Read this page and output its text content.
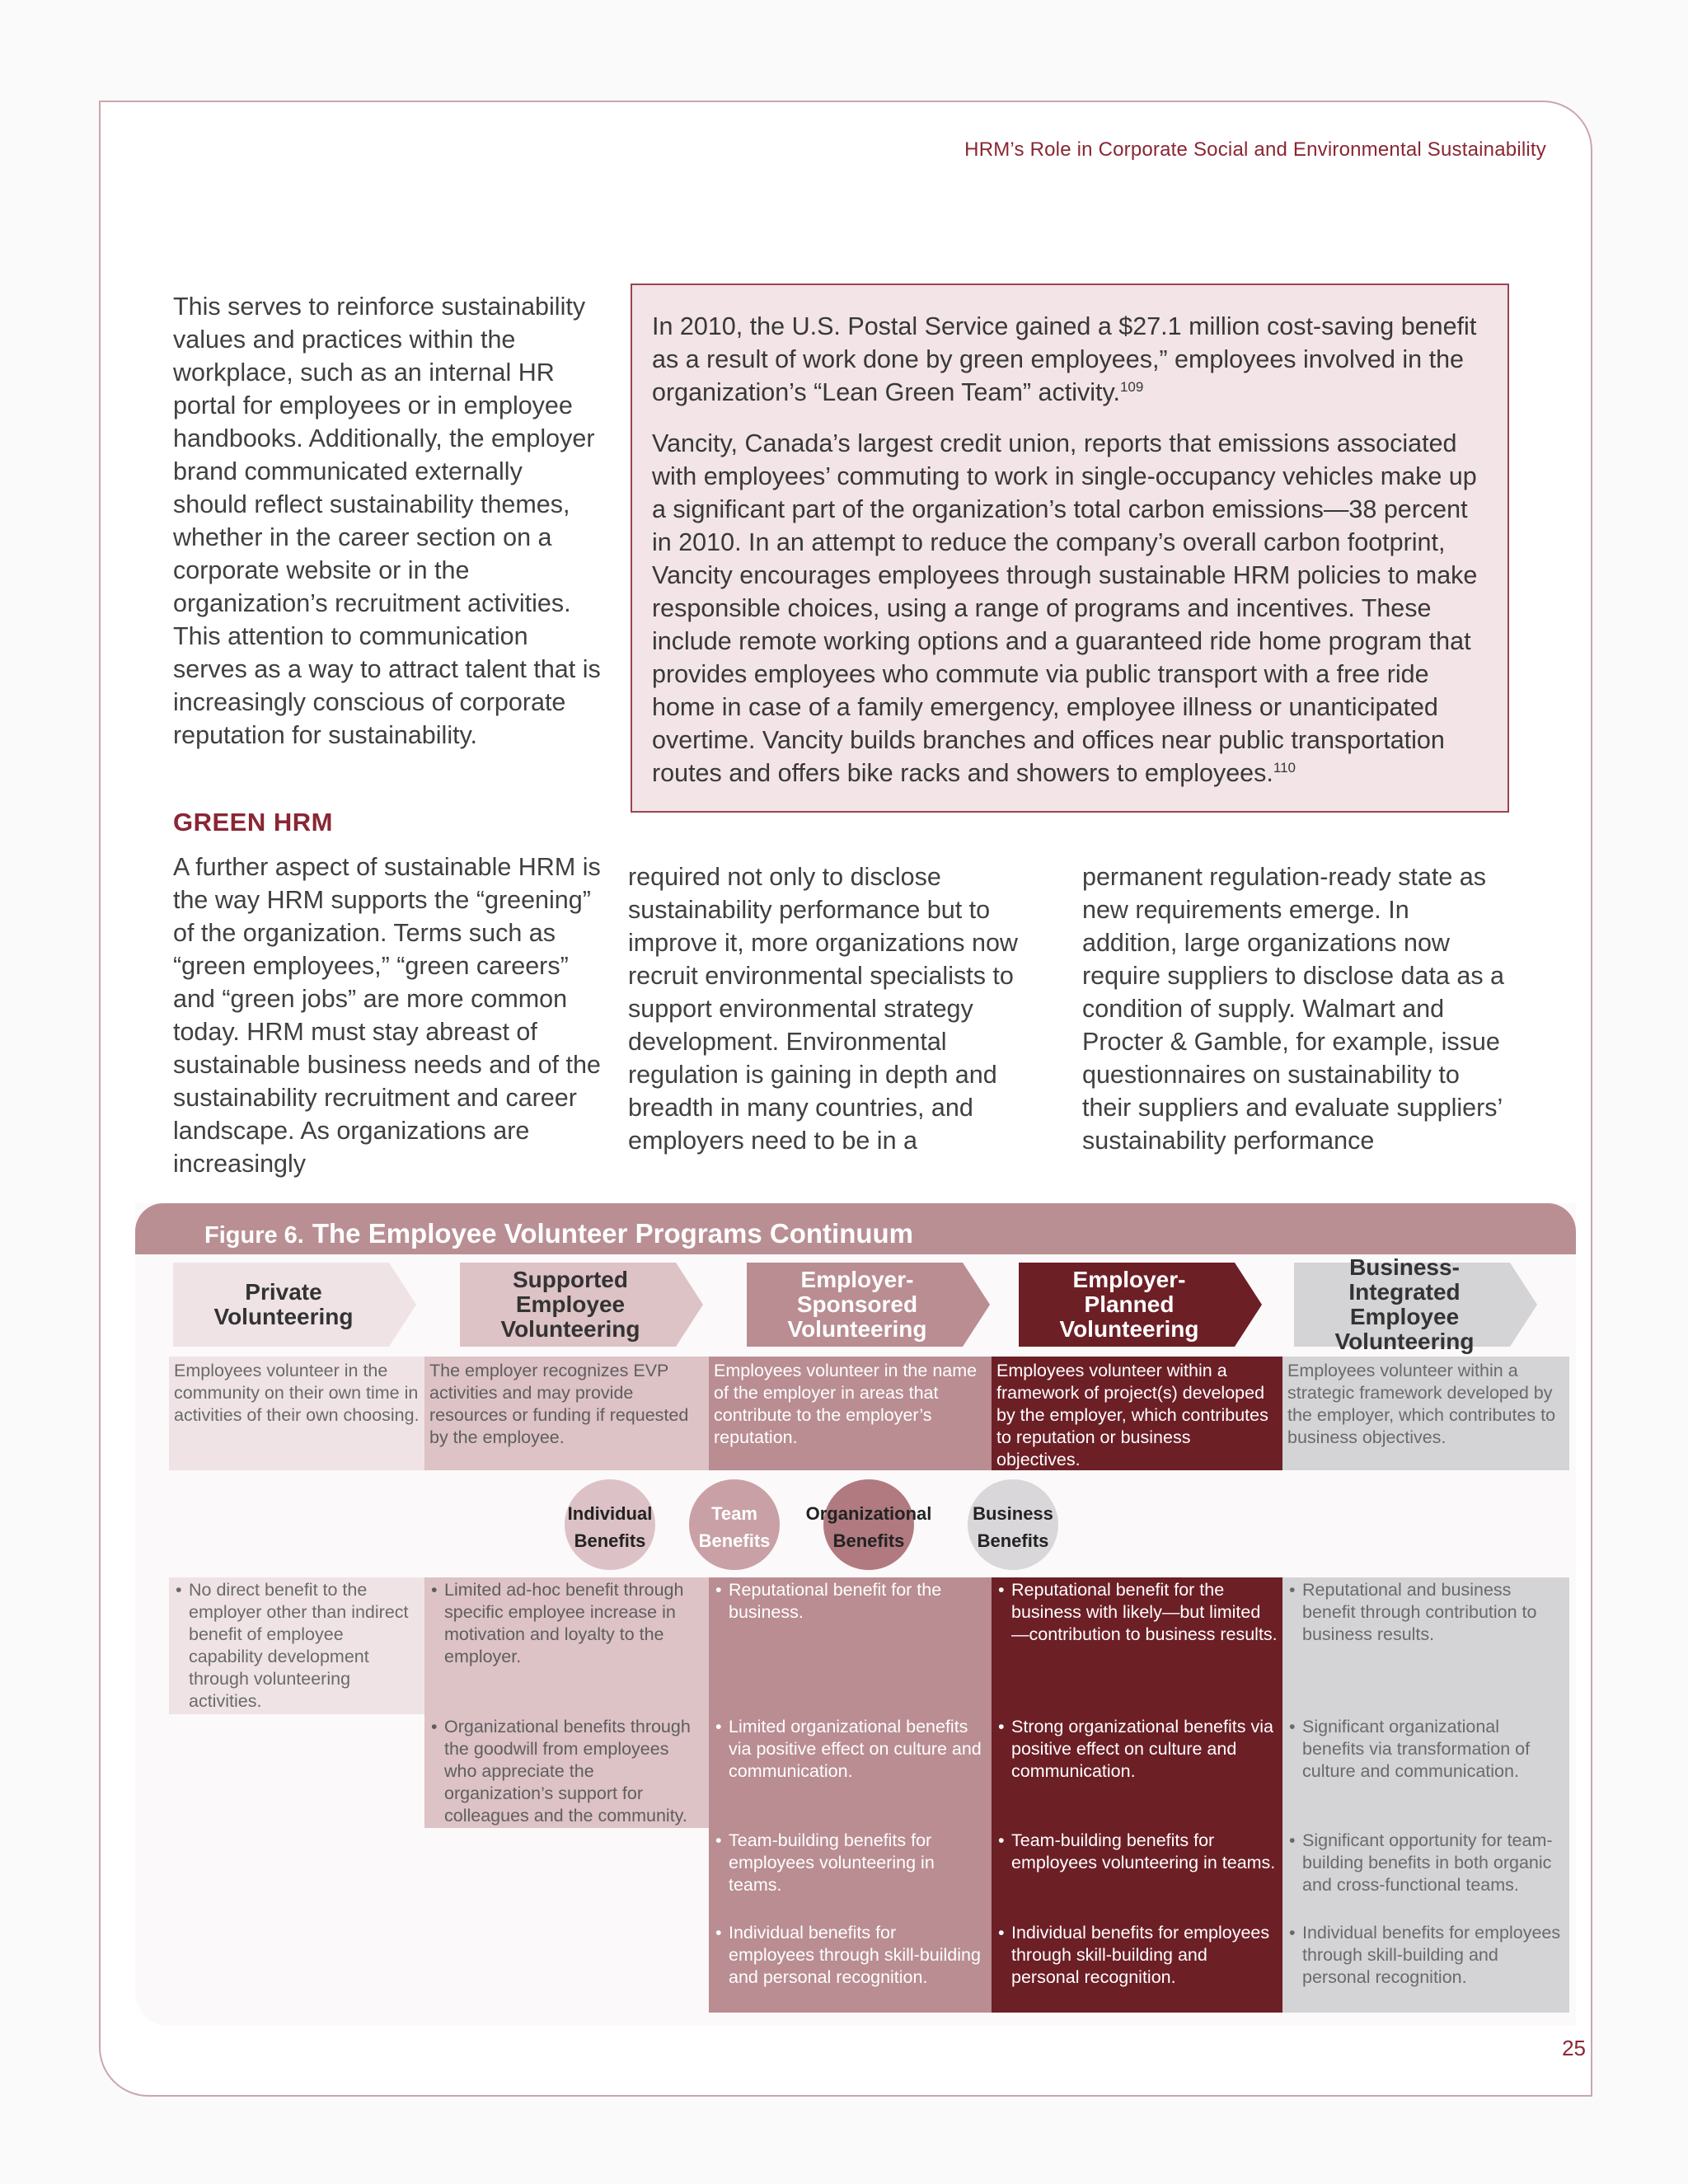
HRM’s Role in Corporate Social and Environmental Sustainability
This serves to reinforce sustainability values and practices within the workplace, such as an internal HR portal for employees or in employee handbooks. Additionally, the employer brand communicated externally should reflect sustainability themes, whether in the career section on a corporate website or in the organization’s recruitment activities. This attention to communication serves as a way to attract talent that is increasingly conscious of corporate reputation for sustainability.

In 2010, the U.S. Postal Service gained a $27.1 million cost-saving benefit as a result of work done by green employees,” employees involved in the organization’s “Lean Green Team” activity.$^{109}$

Vancity, Canada’s largest credit union, reports that emissions associated with employees’ commuting to work in single-occupancy vehicles make up a significant part of the organization’s total carbon emissions—38 percent in 2010. In an attempt to reduce the company’s overall carbon footprint, Vancity encourages employees through sustainable HRM policies to make responsible choices, using a range of programs and incentives. These include remote working options and a guaranteed ride home program that provides employees who commute via public transport with a free ride home in case of a family emergency, employee illness or unanticipated overtime. Vancity builds branches and offices near public transportation routes and offers bike racks and showers to employees.$^{110}$

GREEN HRM
A further aspect of sustainable HRM is the way HRM supports the “greening” of the organization. Terms such as “green employees,” “green careers” and “green jobs” are more common today. HRM must stay abreast of sustainable business needs and of the sustainability recruitment and career landscape. As organizations are increasingly
required not only to disclose sustainability performance but to improve it, more organizations now recruit environmental specialists to support environmental strategy development. Environmental regulation is gaining in depth and breadth in many countries, and employers need to be in a
permanent regulation-ready state as new requirements emerge. In addition, large organizations now require suppliers to disclose data as a condition of supply. Walmart and Procter & Gamble, for example, issue questionnaires on sustainability to their suppliers and evaluate suppliers’ sustainability performance
Figure 6. The Employee Volunteer Programs Continuum
Private
Volunteering
Employees volunteer in the community on their own time in activities of their own choosing.
Supported
Employee
Volunteering
The employer recognizes EVP activities and may provide resources or funding if requested by the employee.
Employer-
Sponsored
Volunteering
Employees volunteer in the name of the employer in areas that contribute to the employer’s reputation.
Employer-
Planned
Volunteering
Employees volunteer within a framework of project(s) developed by the employer, which contributes to reputation or business objectives.
Business-Integrated
Employee
Volunteering
Employees volunteer within a strategic framework developed by the employer, which contributes to business objectives.
Individual
Benefits
Team
Benefits
Organizational
Benefits
Business
Benefits
• No direct benefit to the employer other than indirect benefit of employee capability development through volunteering activities.
• Limited ad-hoc benefit through specific employee increase in motivation and loyalty to the employer.
• Organizational benefits through the goodwill from employees who appreciate the organization’s support for colleagues and the community.
• Reputational benefit for the business.
• Limited organizational benefits via positive effect on culture and communication.
• Team-building benefits for employees volunteering in teams.
• Individual benefits for employees through skill-building and personal recognition.
• Reputational benefit for the business with likely—but limited—contribution to business results.
• Strong organizational benefits via positive effect on culture and communication.
• Team-building benefits for employees volunteering in teams.
• Individual benefits for employees through skill-building and personal recognition.
• Reputational and business benefit through contribution to business results.
• Significant organizational benefits via transformation of culture and communication.
• Significant opportunity for team-building benefits in both organic and cross-functional teams.
• Individual benefits for employees through skill-building and personal recognition.
25
